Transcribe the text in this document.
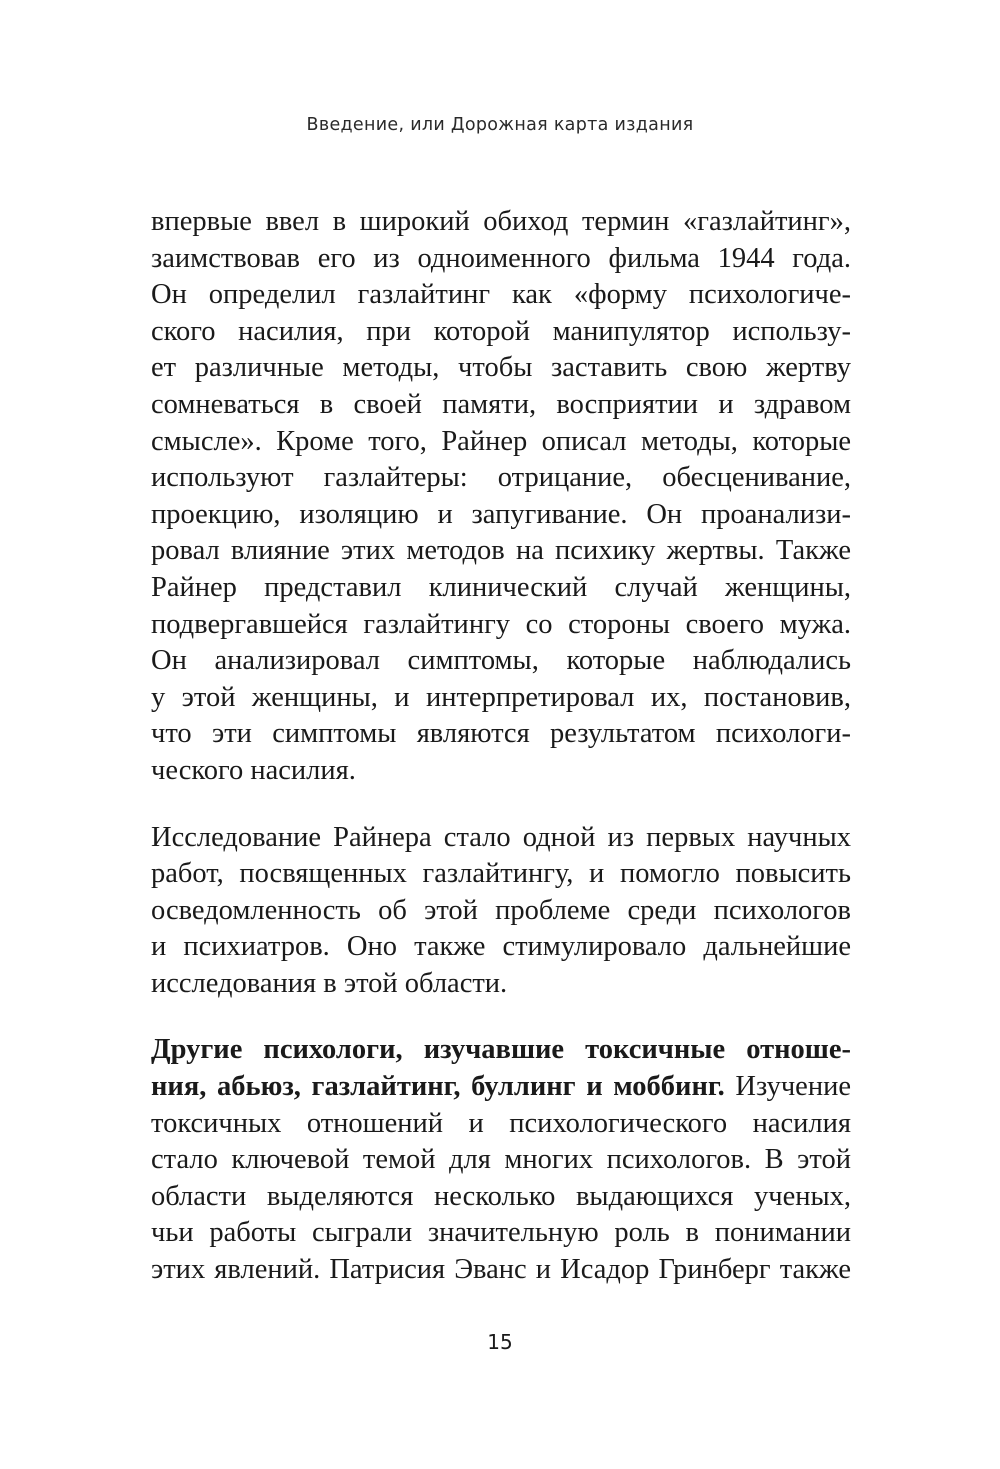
Введение, или Дорожная карта издания
впервые ввел в широкий обиход термин «газлайтинг»,
заимствовав его из одноименного фильма 1944 года.
Он определил газлайтинг как «форму психологиче-
ского насилия, при которой манипулятор использу-
ет различные методы, чтобы заставить свою жертву
сомневаться в своей памяти, восприятии и здравом
смысле». Кроме того, Райнер описал методы, которые
используют газлайтеры: отрицание, обесценивание,
проекцию, изоляцию и запугивание. Он проанализи-
ровал влияние этих методов на психику жертвы. Также
Райнер представил клинический случай женщины,
подвергавшейся газлайтингу со стороны своего мужа.
Он анализировал симптомы, которые наблюдались
у этой женщины, и интерпретировал их, постановив,
что эти симптомы являются результатом психологи-
ческого насилия.
Исследование Райнера стало одной из первых научных
работ, посвященных газлайтингу, и помогло повысить
осведомленность об этой проблеме среди психологов
и психиатров. Оно также стимулировало дальнейшие
исследования в этой области.
Другие психологи, изучавшие токсичные отноше-
ния, абьюз, газлайтинг, буллинг и моббинг. Изучение
токсичных отношений и психологического насилия
стало ключевой темой для многих психологов. В этой
области выделяются несколько выдающихся ученых,
чьи работы сыграли значительную роль в понимании
этих явлений. Патрисия Эванс и Исадор Гринберг также
15
